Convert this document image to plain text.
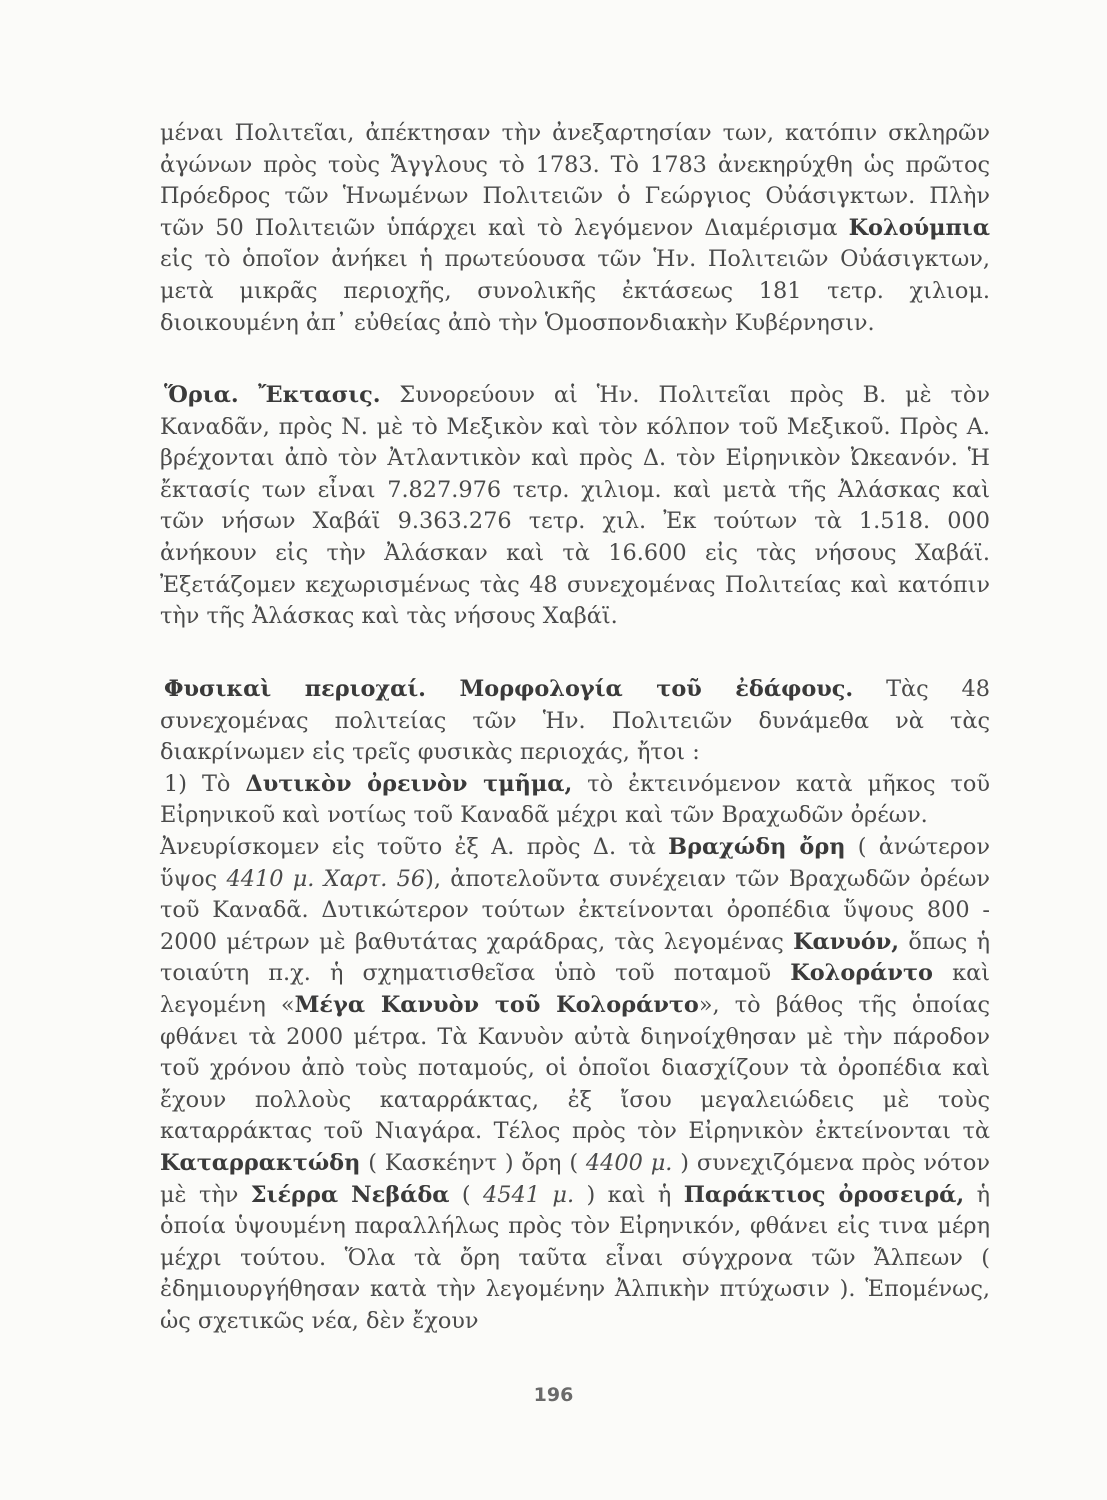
μέναι Πολιτεῖαι, ἀπέκτησαν τὴν ἀνεξαρτησίαν των, κατόπιν σκληρῶν ἀγώνων πρὸς τοὺς Ἄγγλους τὸ 1783. Τὸ 1783 ἀνεκηρύχθη ὡς πρῶτος Πρόεδρος τῶν Ἡνωμένων Πολιτειῶν ὁ Γεώργιος Οὐάσιγκτων. Πλὴν τῶν 50 Πολιτειῶν ὑπάρχει καὶ τὸ λεγόμενον Διαμέρισμα Κολούμπια εἰς τὸ ὁποῖον ἀνήκει ἡ πρωτεύουσα τῶν Ἡν. Πολιτειῶν Οὐάσιγκτων, μετὰ μικρᾶς περιοχῆς, συνολικῆς ἐκτάσεως 181 τετρ. χιλιομ. διοικουμένη ἀπ᾽ εὐθείας ἀπὸ τὴν Ὁμοσπονδιακὴν Κυβέρνησιν.

Ὅρια. Ἔκτασις. Συνορεύουν αἱ Ἡν. Πολιτεῖαι πρὸς Β. μὲ τὸν Καναδᾶν, πρὸς Ν. μὲ τὸ Μεξικὸν καὶ τὸν κόλπον τοῦ Μεξικοῦ. Πρὸς Α. βρέχονται ἀπὸ τὸν Ἀτλαντικὸν καὶ πρὸς Δ. τὸν Εἰρηνικὸν Ὠκεανόν. Ἡ ἔκτασίς των εἶναι 7.827.976 τετρ. χιλιομ. καὶ μετὰ τῆς Ἀλάσκας καὶ τῶν νήσων Χαβάϊ 9.363.276 τετρ. χιλ. Ἐκ τούτων τὰ 1.518. 000 ἀνήκουν εἰς τὴν Ἀλάσκαν καὶ τὰ 16.600 εἰς τὰς νήσους Χαβάϊ. Ἐξετάζομεν κεχωρισμένως τὰς 48 συνεχομένας Πολιτείας καὶ κατόπιν τὴν τῆς Ἀλάσκας καὶ τὰς νήσους Χαβάϊ.

Φυσικαὶ περιοχαί. Μορφολογία τοῦ ἐδάφους. Τὰς 48 συνεχομένας πολιτείας τῶν Ἡν. Πολιτειῶν δυνάμεθα νὰ τὰς διακρίνωμεν εἰς τρεῖς φυσικὰς περιοχάς, ἤτοι :

1) Τὸ Δυτικὸν ὀρεινὸν τμῆμα, τὸ ἐκτεινόμενον κατὰ μῆκος τοῦ Εἰρηνικοῦ καὶ νοτίως τοῦ Καναδᾶ μέχρι καὶ τῶν Βραχωδῶν ὀρέων.

Ἀνευρίσκομεν εἰς τοῦτο ἐξ Α. πρὸς Δ. τὰ Βραχώδη ὄρη ( ἀνώτερον ὕψος 4410 μ. Χαρτ. 56), ἀποτελοῦντα συνέχειαν τῶν Βραχωδῶν ὀρέων τοῦ Καναδᾶ. Δυτικώτερον τούτων ἐκτείνονται ὀροπέδια ὕψους 800 - 2000 μέτρων μὲ βαθυτάτας χαράδρας, τὰς λεγομένας Κανυόν, ὅπως ἡ τοιαύτη π.χ. ἡ σχηματισθεῖσα ὑπὸ τοῦ ποταμοῦ Κολοράντο καὶ λεγομένη «Μέγα Κανυὸν τοῦ Κολοράντο», τὸ βάθος τῆς ὁποίας φθάνει τὰ 2000 μέτρα. Τὰ Κανυὸν αὐτὰ διηνοίχθησαν μὲ τὴν πάροδον τοῦ χρόνου ἀπὸ τοὺς ποταμούς, οἱ ὁποῖοι διασχίζουν τὰ ὀροπέδια καὶ ἔχουν πολλοὺς καταρράκτας, ἐξ ἴσου μεγαλειώδεις μὲ τοὺς καταρράκτας τοῦ Νιαγάρα. Τέλος πρὸς τὸν Εἰρηνικὸν ἐκτείνονται τὰ Καταρρακτώδη ( Κασκέηντ ) ὄρη ( 4400 μ. ) συνεχιζόμενα πρὸς νότον μὲ τὴν Σιέρρα Νεβάδα ( 4541 μ. ) καὶ ἡ Παράκτιος ὀροσειρά, ἡ ὁποία ὑψουμένη παραλλήλως πρὸς τὸν Εἰρηνικόν, φθάνει εἰς τινα μέρη μέχρι τούτου. Ὅλα τὰ ὄρη ταῦτα εἶναι σύγχρονα τῶν Ἄλπεων ( ἐδημιουργήθησαν κατὰ τὴν λεγομένην Ἀλπικὴν πτύχωσιν ). Ἑπομένως, ὡς σχετικῶς νέα, δὲν ἔχουν

196
